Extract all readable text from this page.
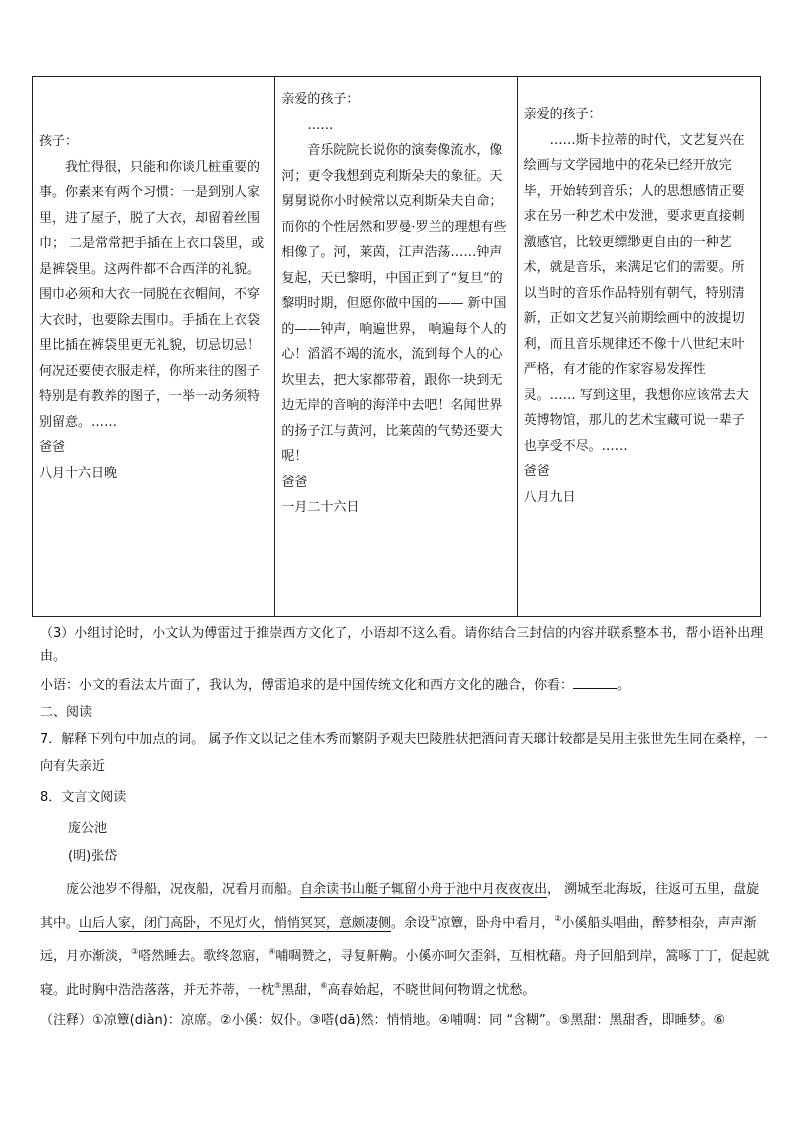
孩子：

我忙得很，只能和你谈几桩重要的事。你素来有两个习惯：一是到别人家里，进了屋子，脱了大衣，却留着丝围巾； 二是常常把手插在上衣口袋里，或是裤袋里。这两件都不合西洋的礼貌。围巾必须和大衣一同脱在衣帽间，不穿大衣时，也要除去围巾。手插在上衣袋里比插在裤袋里更无礼貌，切忌切忌！何况还要使衣服走样，你所来往的图子特别是有教养的图子，一举一动务须特别留意。……

爸爸

八月十六日晚

亲爱的孩子：

……

音乐院院长说你的演奏像流水，像河；更令我想到克利斯朵夫的象征。天舅舅说你小时候常以克利斯朵夫自命；而你的个性居然和罗曼·罗兰的理想有些相像了。河，莱茵，江声浩荡……钟声复起，天已黎明，中国正到了“复旦”的黎明时期，但愿你做中国的—— 新中国的——钟声，响遍世界， 响遍每个人的心！滔滔不竭的流水，流到每个人的心坎里去，把大家都带着，跟你一块到无边无岸的音响的海洋中去吧！名闻世界的扬子江与黄河，比莱茵的气势还要大呢！

爸爸

一月二十六日

亲爱的孩子：

……斯卡拉蒂的时代，文艺复兴在绘画与文学园地中的花朵已经开放完毕，开始转到音乐；人的思想感情正要求在另一种艺术中发泄，要求更直接刺激感官，比较更缥缈更自由的一种艺术，就是音乐，来满足它们的需要。所以当时的音乐作品特别有朝气，特别清新，正如文艺复兴前期绘画中的波提切利，而且音乐规律还不像十八世纪末叶严格，有才能的作家容易发挥性灵。…… 写到这里，我想你应该常去大英博物馆，那儿的艺术宝藏可说一辈子也享受不尽。……

爸爸

八月九日

（3）小组讨论时，小文认为傅雷过于推崇西方文化了，小语却不这么看。请你结合三封信的内容并联系整本书，帮小语补出理由。

小语：小文的看法太片面了，我认为，傅雷追求的是中国传统文化和西方文化的融合，你看：	。

二、阅读

7．解释下列句中加点的词。 属予作文以记之佳木秀而繁阴予观夫巴陵胜状把酒问青天瑯计较都是吴用主张世先生同在桑梓，一向有失亲近

8．文言文阅读

庞公池

(明)张岱

庞公池岁不得船，况夜船，况看月而船。自余读书山艇子辄留小舟于池中月夜夜夜出， 溯城至北海坂，往返可五里，盘旋其中。山后人家，闭门高卧，不见灯火，悄悄冥冥，意颇凄侧。余设①凉簟，卧舟中看月，②小傒船头唱曲，醉梦相杂，声声渐远，月亦渐淡，③嗒然睡去。歌终忽寤，④哺啁赞之，寻复鼾齁。小傒亦呵欠歪斜，互相枕藉。舟子回船到岸，篙啄丁丁，促起就寝。此时胸中浩浩落落，并无芥蒂，一枕⑤黑甜，⑥高春始起，不晓世间何物谓之忧愁。

（注释）①凉簟(diàn)：凉席。②小傒：奴仆。③嗒(dā)然：悄悄地。④哺啁：同 “含糊”。⑤黑甜：黑甜香，即睡梦。⑥
